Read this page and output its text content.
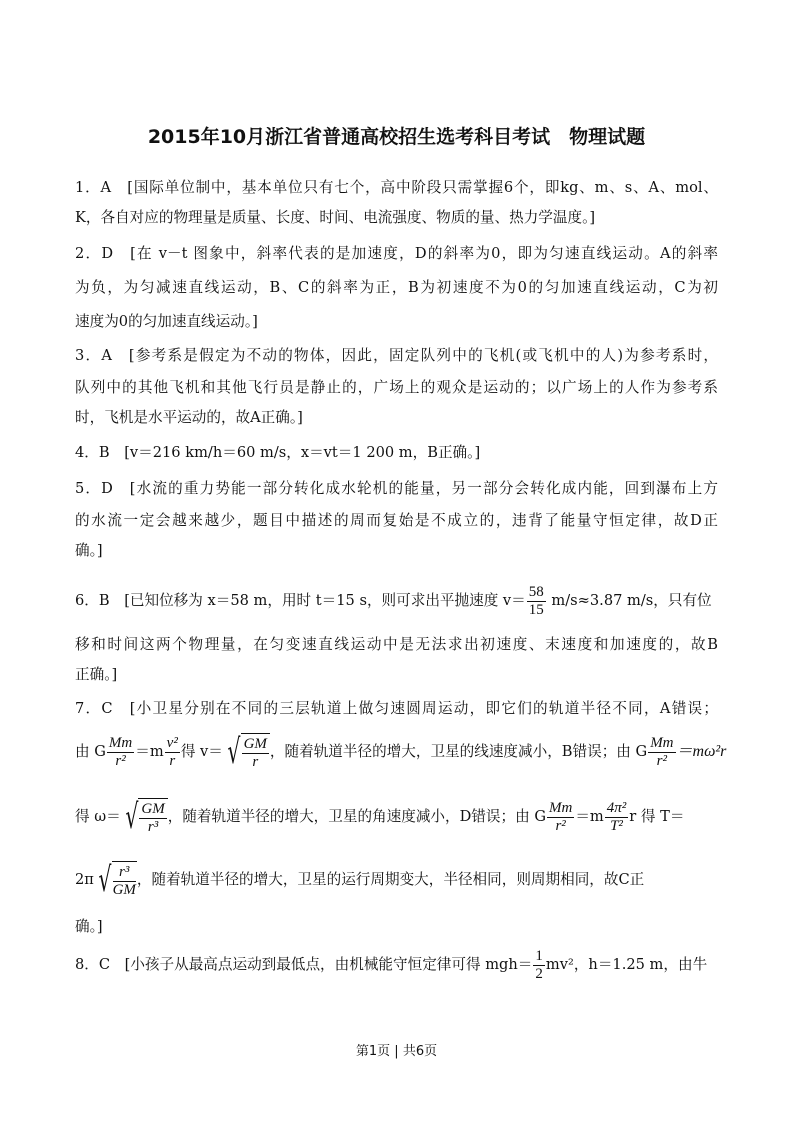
2015年10月浙江省普通高校招生选考科目考试　物理试题
1．A　[国际单位制中，基本单位只有七个，高中阶段只需掌握6个，即kg、m、s、A、mol、
K，各自对应的物理量是质量、长度、时间、电流强度、物质的量、热力学温度。]
2．D　[在 v－t 图象中，斜率代表的是加速度，D的斜率为0，即为匀速直线运动。A的斜率
为负，为匀减速直线运动，B、C的斜率为正，B为初速度不为0的匀加速直线运动，C为初
速度为0的匀加速直线运动。]
3．A　[参考系是假定为不动的物体，因此，固定队列中的飞机(或飞机中的人)为参考系时，
队列中的其他飞机和其他飞行员是静止的，广场上的观众是运动的；以广场上的人作为参考系
时，飞机是水平运动的，故A正确。]
4．B　[v＝216 km/h＝60 m/s，x＝vt＝1 200 m，B正确。]
5．D　[水流的重力势能一部分转化成水轮机的能量，另一部分会转化成内能，回到瀑布上方
的水流一定会越来越少，题目中描述的周而复始是不成立的，违背了能量守恒定律，故D正
确。]
6．B　[已知位移为 x＝58 m，用时 t＝15 s，则可求出平抛速度 $v= \frac{58}{15} m/s\approx 3.87$ m/s，只有位
移和时间这两个物理量，在匀变速直线运动中是无法求出初速度、末速度和加速度的，故B
正确。]
7．C　[小卫星分别在不同的三层轨道上做匀速圆周运动，即它们的轨道半径不同，A错误；
由 G $\frac{Mm}{\text{r²}} =m \frac{\text{v²}}{r}$ 得 v＝ √ $\frac{GM}{r}$ ，随着轨道半径的增大，卫星的线速度减小，B错误；由 G $\frac{Mm}{\text{r²}} =m\omega^2r$
得 ω＝ √ $\frac{GM}{\text{r³}}$ ，随着轨道半径的增大，卫星的角速度减小，D错误；由 G $\frac{Mm}{\text{r²}} =m \frac{\text{4π²}}{\text{T²}}$ r 得 T＝
2π √ $\frac{\text{r³}}{GM}$ ，随着轨道半径的增大，卫星的运行周期变大，半径相同，则周期相同，故C正
确。]
8．C　[小孩子从最高点运动到最低点，由机械能守恒定律可得 $mgh= \frac{1}{2} mv^2$，h＝1.25 m，由牛
第1页 | 共6页
